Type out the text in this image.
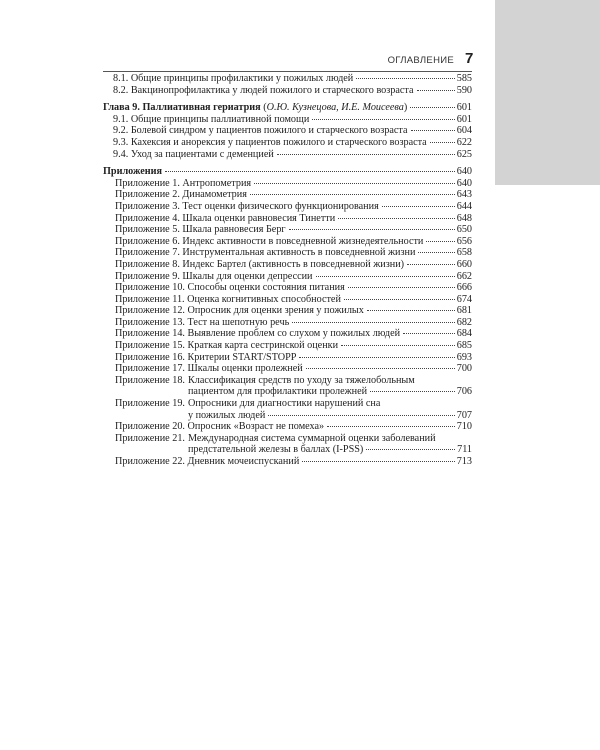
ОГЛАВЛЕНИЕ 7
8.1. Общие принципы профилактики у пожилых людей	585
8.2. Вакцинопрофилактика у людей пожилого и старческого возраста	590
Глава 9. Паллиативная гериатрия (О.Ю. Кузнецова, И.Е. Моисеева)	601
9.1. Общие принципы паллиативной помощи	601
9.2. Болевой синдром у пациентов пожилого и старческого возраста	604
9.3. Кахексия и анорексия у пациентов пожилого и старческого возраста	622
9.4. Уход за пациентами с деменцией	625
Приложения	640
Приложение 1. Антропометрия	640
Приложение 2. Динамометрия	643
Приложение 3. Тест оценки физического функционирования	644
Приложение 4. Шкала оценки равновесия Тинетти	648
Приложение 5. Шкала равновесия Берг	650
Приложение 6. Индекс активности в повседневной жизнедеятельности	656
Приложение 7. Инструментальная активность в повседневной жизни	658
Приложение 8. Индекс Бартел (активность в повседневной жизни)	660
Приложение 9. Шкалы для оценки депрессии	662
Приложение 10. Способы оценки состояния питания	666
Приложение 11. Оценка когнитивных способностей	674
Приложение 12. Опросник для оценки зрения у пожилых	681
Приложение 13. Тест на шепотную речь	682
Приложение 14. Выявление проблем со слухом у пожилых людей	684
Приложение 15. Краткая карта сестринской оценки	685
Приложение 16. Критерии START/STOPP	693
Приложение 17. Шкалы оценки пролежней	700
Приложение 18. Классификация средств по уходу за тяжелобольным
пациентом для профилактики пролежней	706
Приложение 19. Опросники для диагностики нарушений сна
у пожилых людей	707
Приложение 20. Опросник «Возраст не помеха»	710
Приложение 21. Международная система суммарной оценки заболеваний
предстательной железы в баллах (I-PSS)	711
Приложение 22. Дневник мочеиспусканий	713
